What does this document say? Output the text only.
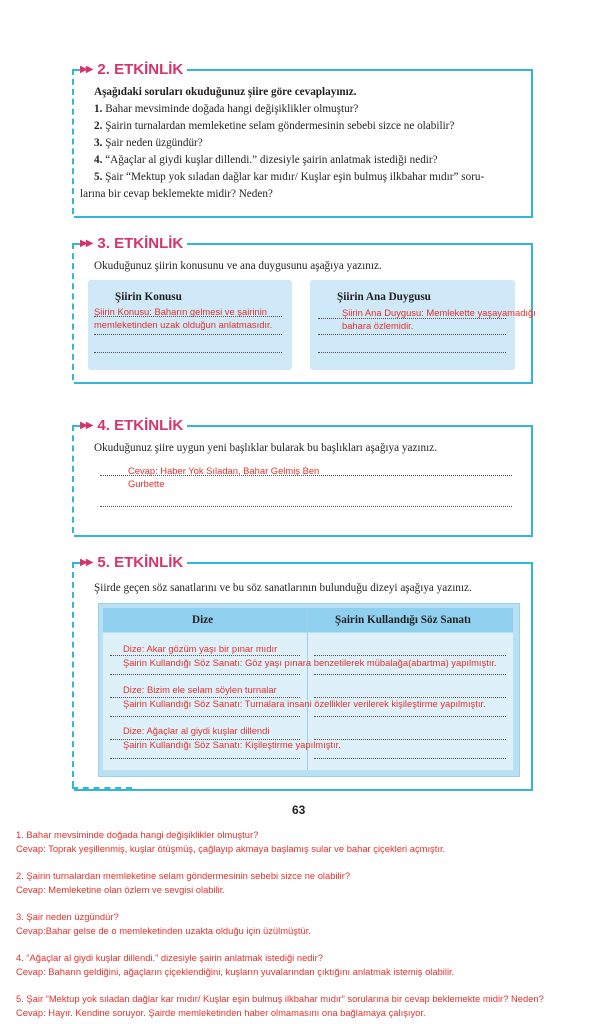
▶▶ 2. ETKİNLİK
Aşağıdaki soruları okuduğunuz şiire göre cevaplayınız.
1. Bahar mevsiminde doğada hangi değişiklikler olmuştur?
2. Şairin turnalardan memleketine selam göndermesinin sebebi sizce ne olabilir?
3. Şair neden üzgündür?
4. “Ağaçlar al giydi kuşlar dillendi.” dizesiyle şairin anlatmak istediği nedir?
5. Şair “Mektup yok sıladan dağlar kar mıdır/ Kuşlar eşin bulmuş ilkbahar mıdır” soru-
larına bir cevap beklemekte midir? Neden?
▶▶ 3. ETKİNLİK
Okuduğunuz şiirin konusunu ve ana duygusunu aşağıya yazınız.
Şiirin Konusu
Şiirin Konusu: Baharın gelmesi ve şairinin
memleketinden uzak olduğun anlatmasıdır.
Şiirin Ana Duygusu
Şiirin Ana Duygusu: Memlekette yaşayamadığı
bahara özlemidir.
▶▶ 4. ETKİNLİK
Okuduğunuz şiire uygun yeni başlıklar bularak bu başlıkları aşağıya yazınız.
Cevap: Haber Yok Sıladan, Bahar Gelmiş Ben
Gurbette
▶▶ 5. ETKİNLİK
Şiirde geçen söz sanatlarını ve bu söz sanatlarının bulunduğu dizeyi aşağıya yazınız.
Dize	Şairin Kullandığı Söz Sanatı
Dize: Akar gözüm yaşı bir pınar mıdır
Şairin Kullandığı Söz Sanatı: Göz yaşı pınara benzetilerek mübalağa(abartma) yapılmıştır.
Dize: Bizim ele selam söylen turnalar
Şairin Kullandığı Söz Sanatı: Turnalara insani özellikler verilerek kişileştirme yapılmıştır.
Dize: Ağaçlar al giydi kuşlar dillendi
Şairin Kullandığı Söz Sanatı: Kişileştirme yapılmıştır.
63
1. Bahar mevsiminde doğada hangi değişiklikler olmuştur?
Cevap: Toprak yeşillenmiş, kuşlar ötüşmüş, çağlayıp akmaya başlamış sular ve bahar çiçekleri açmıştır.
2. Şairin turnalardan memleketine selam göndermesinin sebebi sizce ne olabilir?
Cevap: Memleketine olan özlem ve sevgisi olabilir.
3. Şair neden üzgündür?
Cevap:Bahar gelse de o memleketinden uzakta olduğu için üzülmüştür.
4. “Ağaçlar al giydi kuşlar dillendi.” dizesiyle şairin anlatmak istediği nedir?
Cevap: Baharın geldiğini, ağaçların çiçeklendiğini, kuşların yuvalarından çıktığını anlatmak istemiş olabilir.
5. Şair “Mektup yok sıladan dağlar kar mıdır/ Kuşlar eşin bulmuş ilkbahar mıdır” sorularına bir cevap beklemekte midir? Neden?
Cevap: Hayır. Kendine soruyor. Şairde memleketinden haber olmamasını ona bağlamaya çalışıyor.
